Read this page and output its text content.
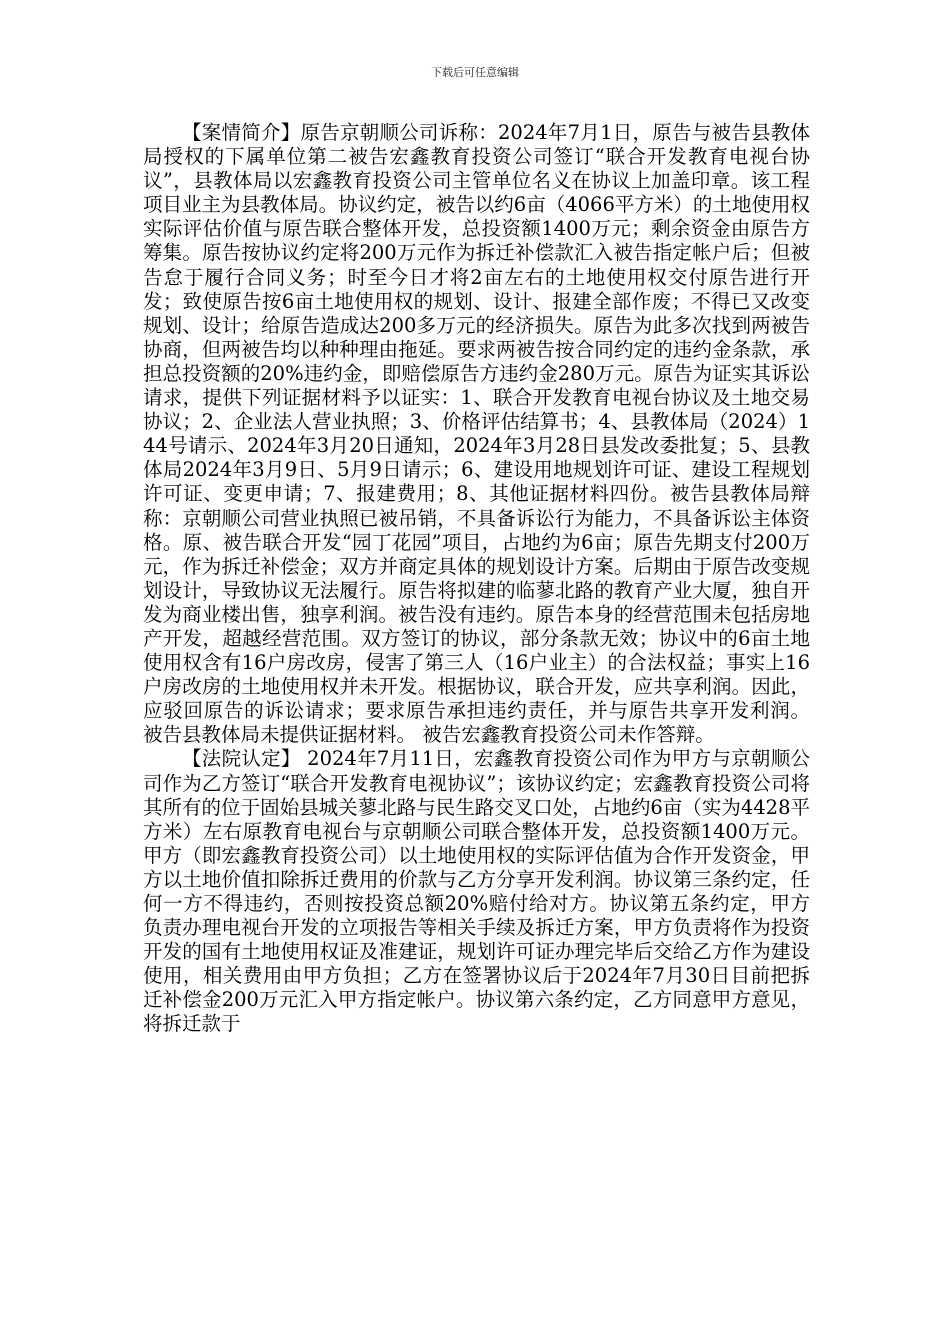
下载后可任意编辑

【案情简介】原告京朝顺公司诉称：2024年7月1日，原告与被告县教体局授权的下属单位第二被告宏鑫教育投资公司签订“联合开发教育电视台协议”，县教体局以宏鑫教育投资公司主管单位名义在协议上加盖印章。该工程项目业主为县教体局。协议约定，被告以约6亩（4066平方米）的土地使用权实际评估价值与原告联合整体开发，总投资额1400万元；剩余资金由原告方筹集。原告按协议约定将200万元作为拆迁补偿款汇入被告指定帐户后；但被告怠于履行合同义务；时至今日才将2亩左右的土地使用权交付原告进行开发；致使原告按6亩土地使用权的规划、设计、报建全部作废；不得已又改变规划、设计；给原告造成达200多万元的经济损失。原告为此多次找到两被告协商，但两被告均以种种理由拖延。要求两被告按合同约定的违约金条款，承担总投资额的20%违约金，即赔偿原告方违约金280万元。原告为证实其诉讼请求，提供下列证据材料予以证实：1、联合开发教育电视台协议及土地交易协议；2、企业法人营业执照；3、价格评估结算书；4、县教体局（2024）144号请示、2024年3月20日通知，2024年3月28日县发改委批复；5、县教体局2024年3月9日、5月9日请示；6、建设用地规划许可证、建设工程规划许可证、变更申请；7、报建费用；8、其他证据材料四份。被告县教体局辩称：京朝顺公司营业执照已被吊销，不具备诉讼行为能力，不具备诉讼主体资格。原、被告联合开发“园丁花园”项目，占地约为6亩；原告先期支付200万元，作为拆迁补偿金；双方并商定具体的规划设计方案。后期由于原告改变规划设计，导致协议无法履行。原告将拟建的临蓼北路的教育产业大厦，独自开发为商业楼出售，独享利润。被告没有违约。原告本身的经营范围未包括房地产开发，超越经营范围。双方签订的协议，部分条款无效；协议中的6亩土地使用权含有16户房改房，侵害了第三人（16户业主）的合法权益；事实上16户房改房的土地使用权并未开发。根据协议，联合开发，应共享利润。因此，应驳回原告的诉讼请求；要求原告承担违约责任，并与原告共享开发利润。 被告县教体局未提供证据材料。 被告宏鑫教育投资公司未作答辩。

【法院认定】 2024年7月11日，宏鑫教育投资公司作为甲方与京朝顺公司作为乙方签订“联合开发教育电视协议”；该协议约定；宏鑫教育投资公司将其所有的位于固始县城关蓼北路与民生路交叉口处，占地约6亩（实为4428平方米）左右原教育电视台与京朝顺公司联合整体开发，总投资额1400万元。甲方（即宏鑫教育投资公司）以土地使用权的实际评估值为合作开发资金，甲方以土地价值扣除拆迁费用的价款与乙方分享开发利润。协议第三条约定，任何一方不得违约，否则按投资总额20%赔付给对方。协议第五条约定，甲方负责办理电视台开发的立项报告等相关手续及拆迁方案，甲方负责将作为投资开发的国有土地使用权证及准建证，规划许可证办理完毕后交给乙方作为建设使用，相关费用由甲方负担；乙方在签署协议后于2024年7月30日目前把拆迁补偿金200万元汇入甲方指定帐户。协议第六条约定，乙方同意甲方意见，将拆迁款于
